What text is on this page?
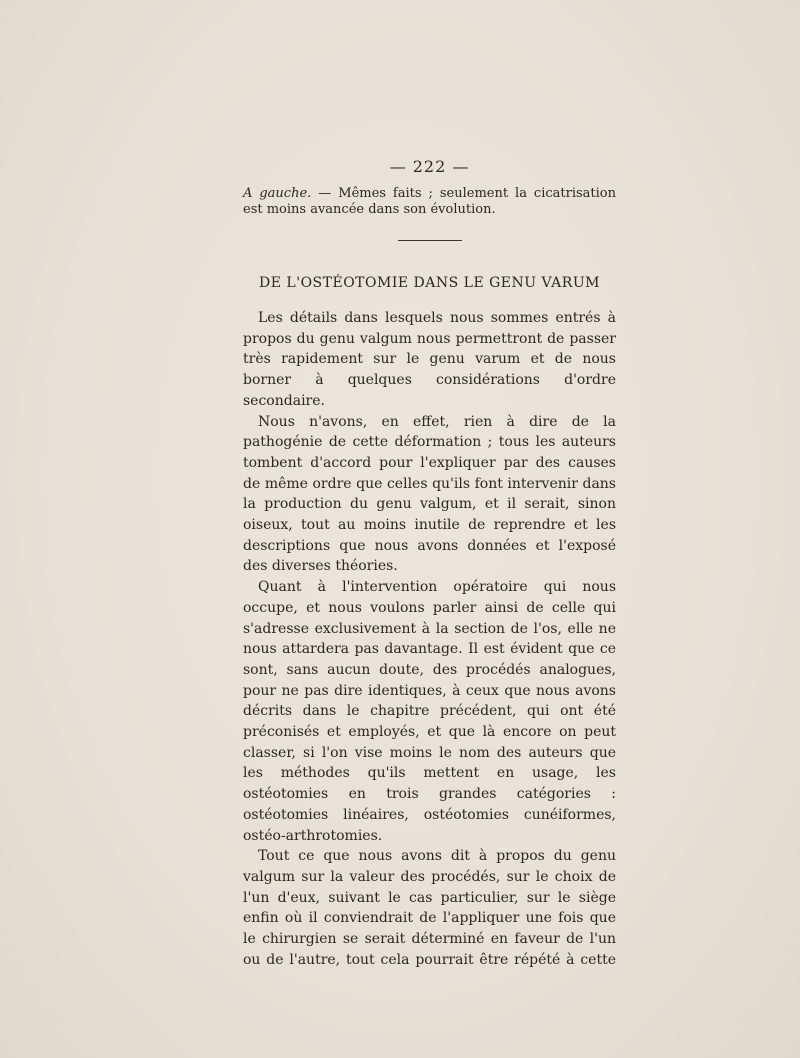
— 222 —
A gauche. — Mêmes faits ; seulement la cicatrisation est moins avancée dans son évolution.
DE L'OSTÉOTOMIE DANS LE GENU VARUM

Les détails dans lesquels nous sommes entrés à propos du genu valgum nous permettront de passer très rapidement sur le genu varum et de nous borner à quelques considérations d'ordre secondaire.

Nous n'avons, en effet, rien à dire de la pathogénie de cette déformation ; tous les auteurs tombent d'accord pour l'expliquer par des causes de même ordre que celles qu'ils font intervenir dans la production du genu valgum, et il serait, sinon oiseux, tout au moins inutile de reprendre et les descriptions que nous avons données et l'exposé des diverses théories.

Quant à l'intervention opératoire qui nous occupe, et nous voulons parler ainsi de celle qui s'adresse exclusivement à la section de l'os, elle ne nous attardera pas davantage. Il est évident que ce sont, sans aucun doute, des procédés analogues, pour ne pas dire identiques, à ceux que nous avons décrits dans le chapitre précédent, qui ont été préconisés et employés, et que là encore on peut classer, si l'on vise moins le nom des auteurs que les méthodes qu'ils mettent en usage, les ostéotomies en trois grandes catégories : ostéotomies linéaires, ostéotomies cunéiformes, ostéo-arthrotomies.

Tout ce que nous avons dit à propos du genu valgum sur la valeur des procédés, sur le choix de l'un d'eux, suivant le cas particulier, sur le siège enfin où il conviendrait de l'appliquer une fois que le chirurgien se serait déterminé en faveur de l'un ou de l'autre, tout cela pourrait être répété à cette
